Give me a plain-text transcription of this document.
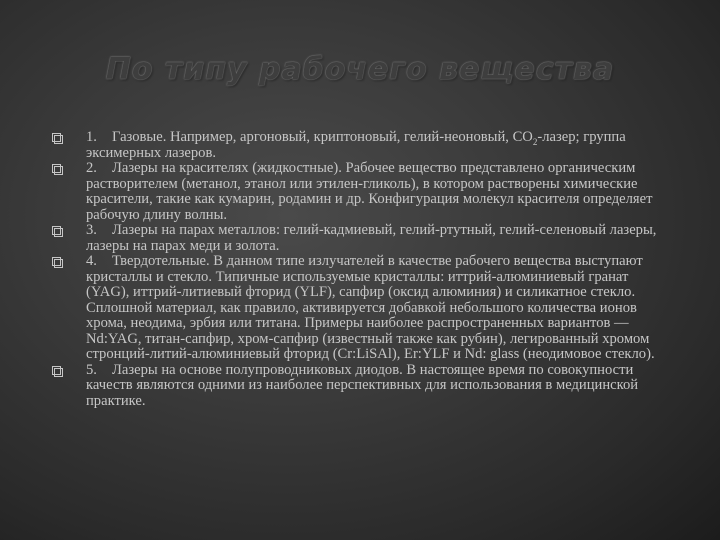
По типу рабочего вещества
1. Газовые. Например, аргоновый, криптоновый, гелий-неоновый, $CO_2$-лазер; группа эксимерных лазеров.
2. Лазеры на красителях (жидкостные). Рабочее вещество представлено органическим растворителем (метанол, этанол или этилен-гликоль), в котором растворены химические красители, такие как кумарин, родамин и др. Конфигурация молекул красителя определяет рабочую длину волны.
3. Лазеры на парах металлов: гелий-кадмиевый, гелий-ртутный, гелий-селеновый лазеры, лазеры на парах меди и золота.
4. Твердотельные. В данном типе излучателей в качестве рабочего вещества выступают кристаллы и стекло. Типичные используемые кристаллы: иттрий-алюминиевый гранат (YAG), иттрий-литиевый фторид (YLF), сапфир (оксид алюминия) и силикатное стекло. Сплошной материал, как правило, активируется добавкой небольшого количества ионов хрома, неодима, эрбия или титана. Примеры наиболее распространенных вариантов — Nd:YAG, титан-сапфир, хром-сапфир (известный также как рубин), легированный хромом стронций-литий-алюминиевый фторид (Cr:LiSAl), Er:YLF и Nd: glass (неодимовое стекло).
5. Лазеры на основе полупроводниковых диодов. В настоящее время по совокупности качеств являются одними из наиболее перспективных для использования в медицинской практике.
